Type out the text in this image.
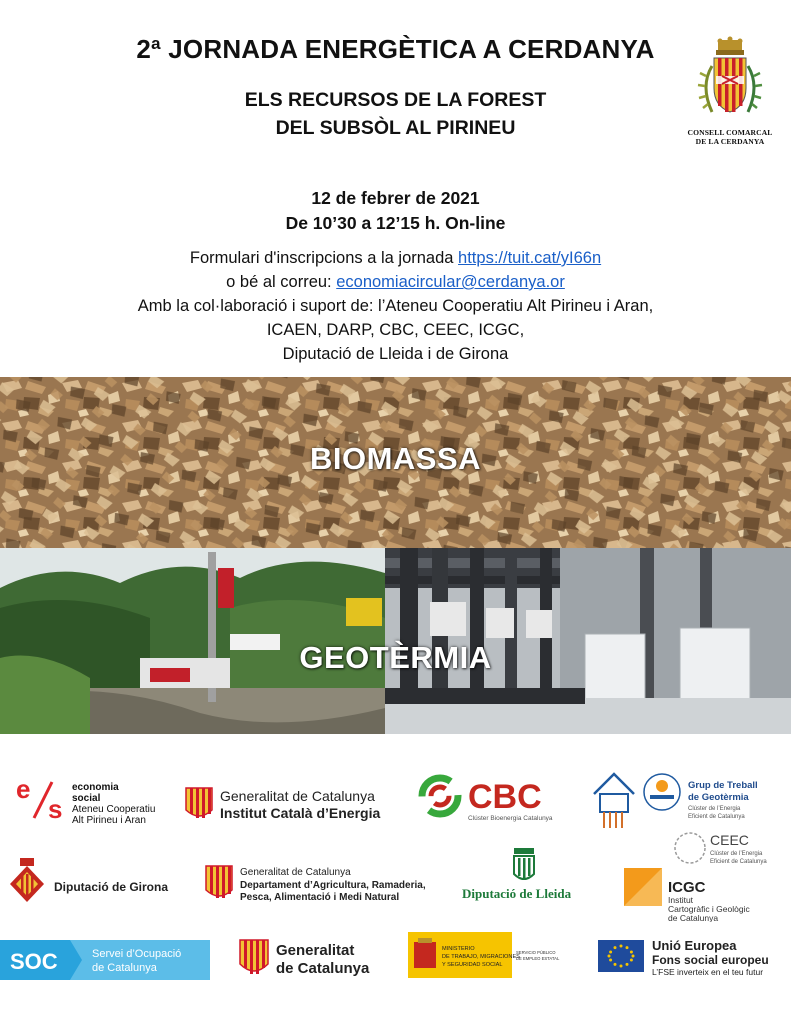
2ª JORNADA ENERGÈTICA A CERDANYA
ELS RECURSOS DE LA FOREST
DEL SUBSÒL AL PIRINEU	CONSELL COMARCAL
DE LA CERDANYA
12 de febrer de 2021
De 10’30 a 12’15 h. On-line
Formulari d'inscripcions a la jornada https://tuit.cat/yI66n
o bé al correu: economiacircular@cerdanya.or
Amb la col·laboració i suport de: l’Ateneu Cooperatiu Alt Pirineu i Aran,
ICAEN, DARP, CBC, CEEC, ICGC,
Diputació de Lleida i de Girona
BIOMASSA
GEOTÈRMIA
e
s
economia
social
Ateneu Cooperatiu
Alt Pirineu i Aran
Generalitat de Catalunya
Institut Català d’Energia	CBC
Clúster Bioenergia Catalunya
Grup de Treball
de Geotèrmia
Clúster de l’Energia
Eficient de Catalunya
CEEC
Clúster de l’Energia
Eficient de Catalunya
Diputació de Girona
Generalitat de Catalunya
Departament d’Agricultura, Ramaderia,
Pesca, Alimentació i Medi Natural	Diputació de Lleida	ICGC
Institut
Cartogràfic i Geològic
de Catalunya
SOC	Servei d’Ocupació
de Catalunya
Generalitat
de Catalunya
MINISTERIO
DE TRABAJO, MIGRACIONES
Y SEGURIDAD SOCIAL
SERVICIO PÚBLICO
DE EMPLEO ESTATAL
Unió Europea
Fons social europeu
L’FSE inverteix en el teu futur
